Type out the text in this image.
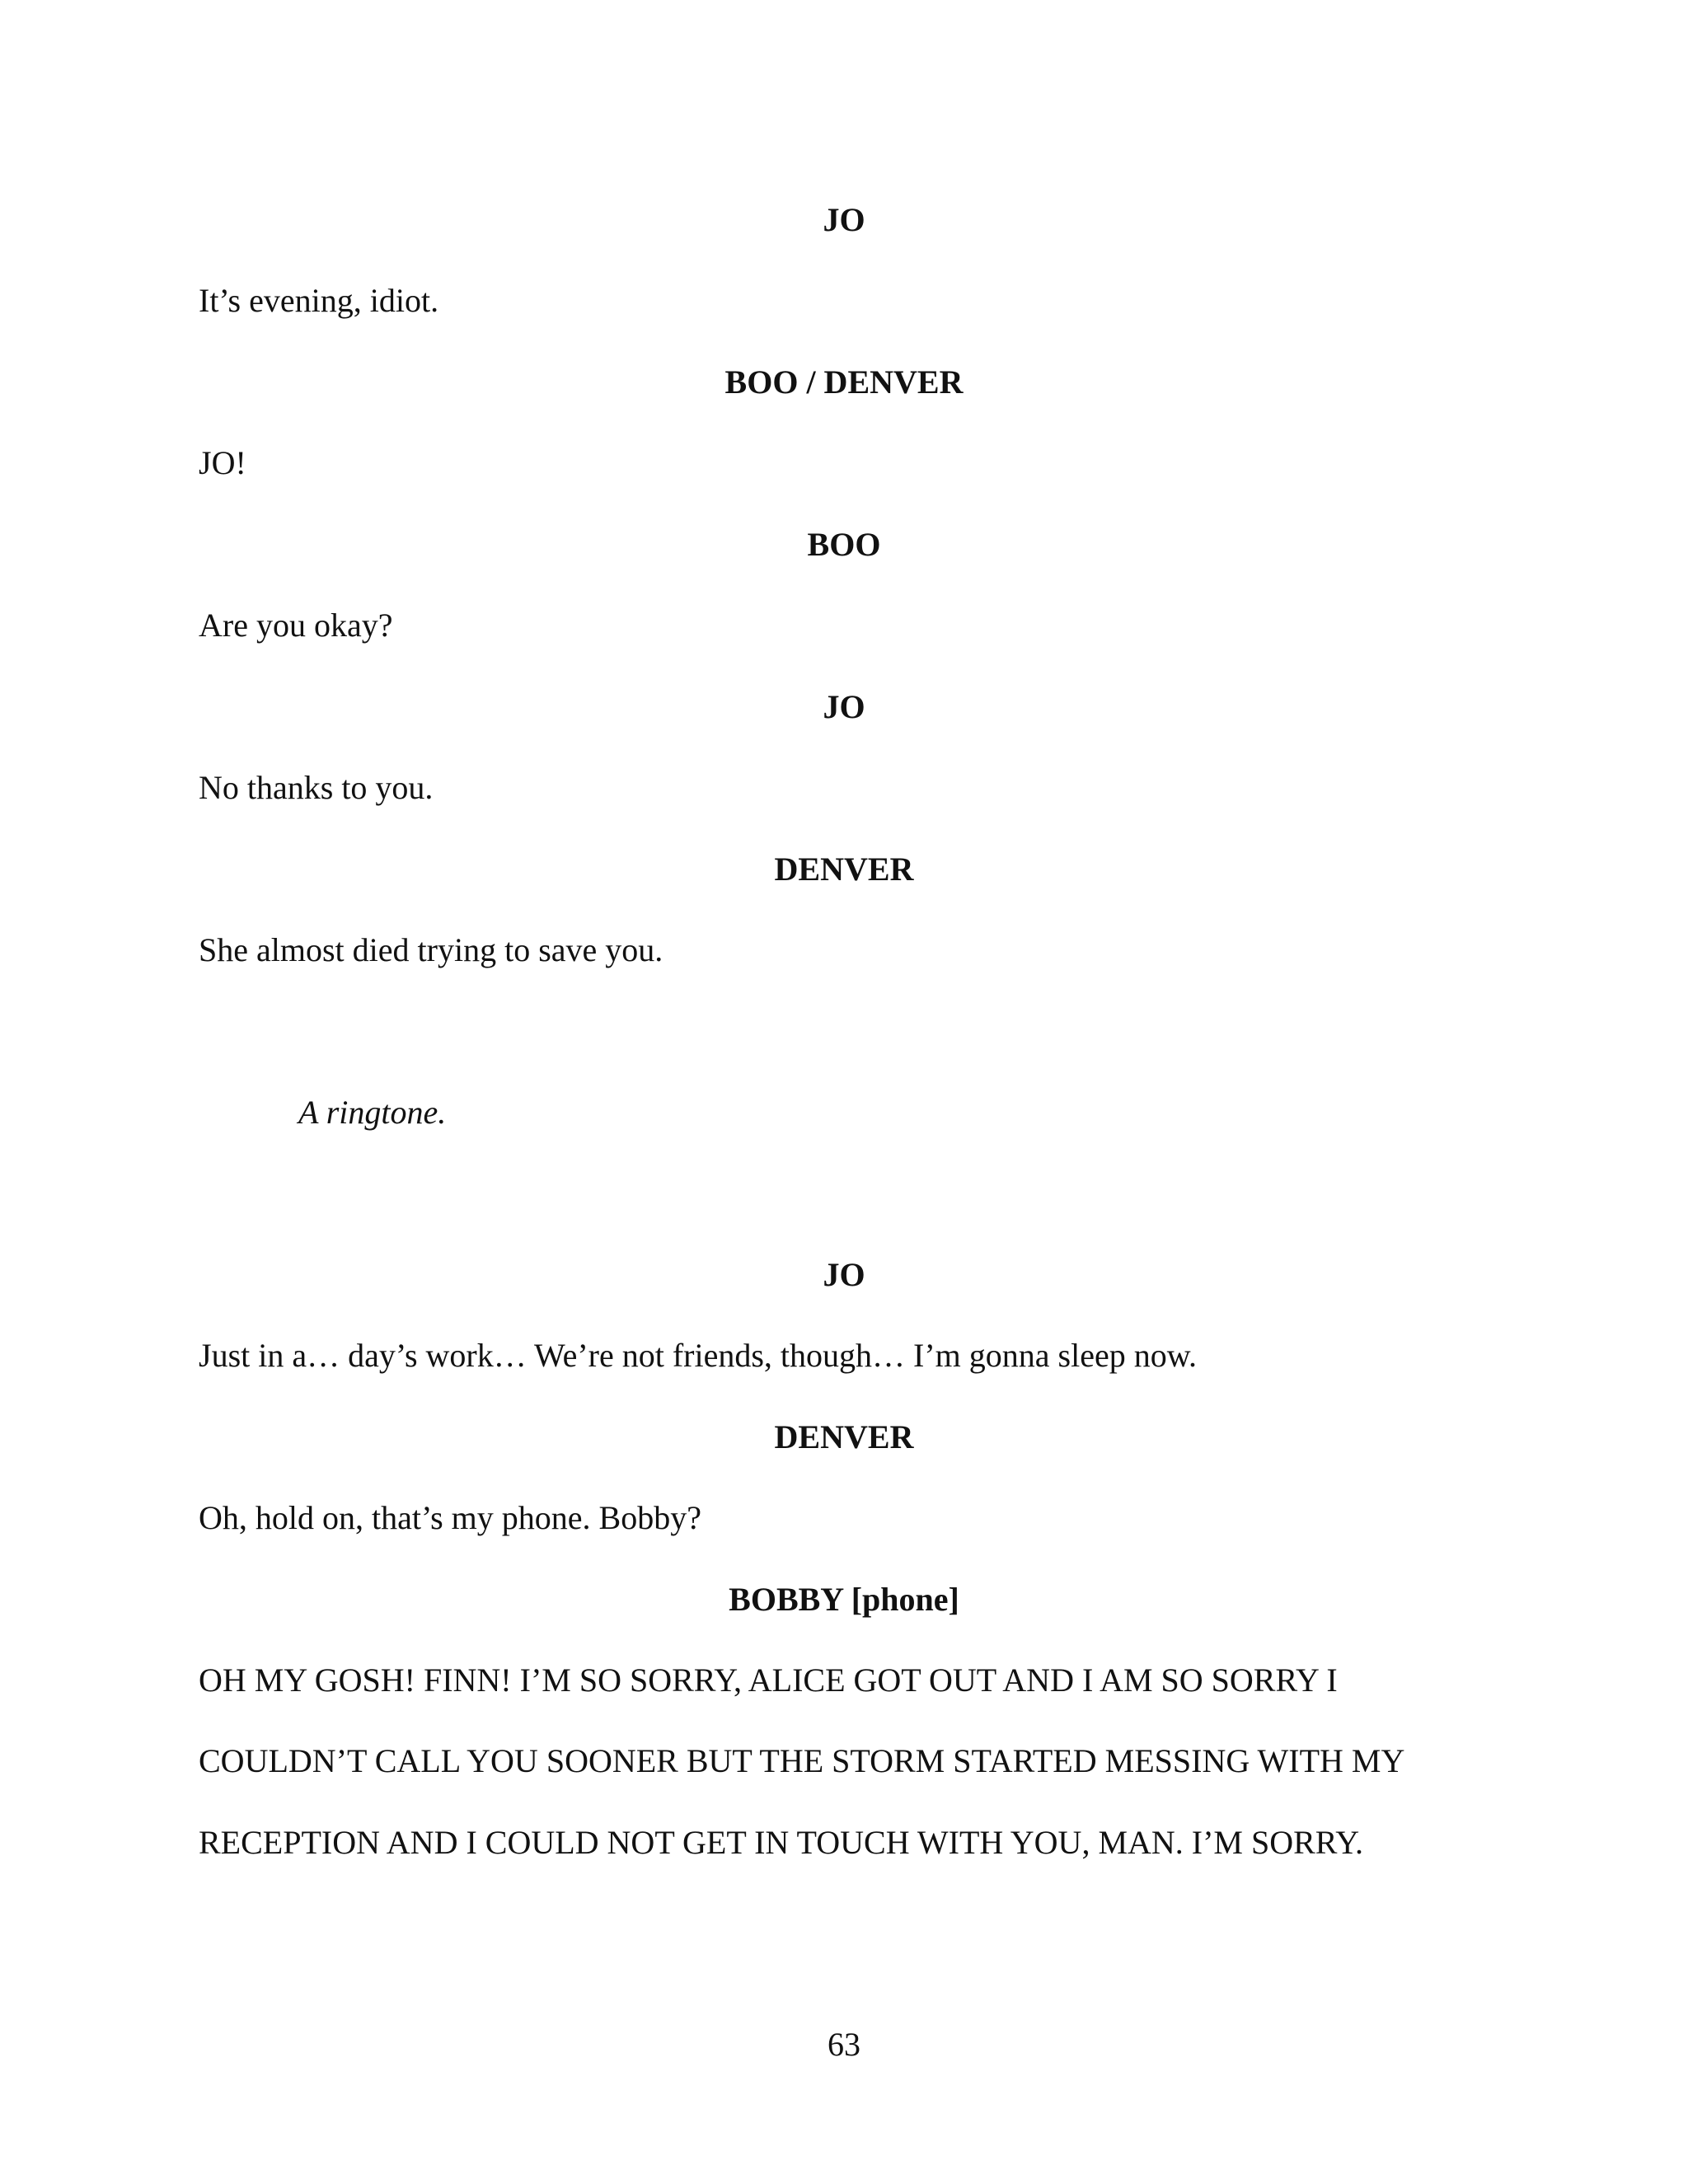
JO
It’s evening, idiot.
BOO / DENVER
JO!
BOO
Are you okay?
JO
No thanks to you.
DENVER
She almost died trying to save you.
A ringtone.
JO
Just in a… day’s work… We’re not friends, though… I’m gonna sleep now.
DENVER
Oh, hold on, that’s my phone. Bobby?
BOBBY [phone]
OH MY GOSH! FINN! I’M SO SORRY, ALICE GOT OUT AND I AM SO SORRY I
COULDN’T CALL YOU SOONER BUT THE STORM STARTED MESSING WITH MY
RECEPTION AND I COULD NOT GET IN TOUCH WITH YOU, MAN. I’M SORRY.
63
